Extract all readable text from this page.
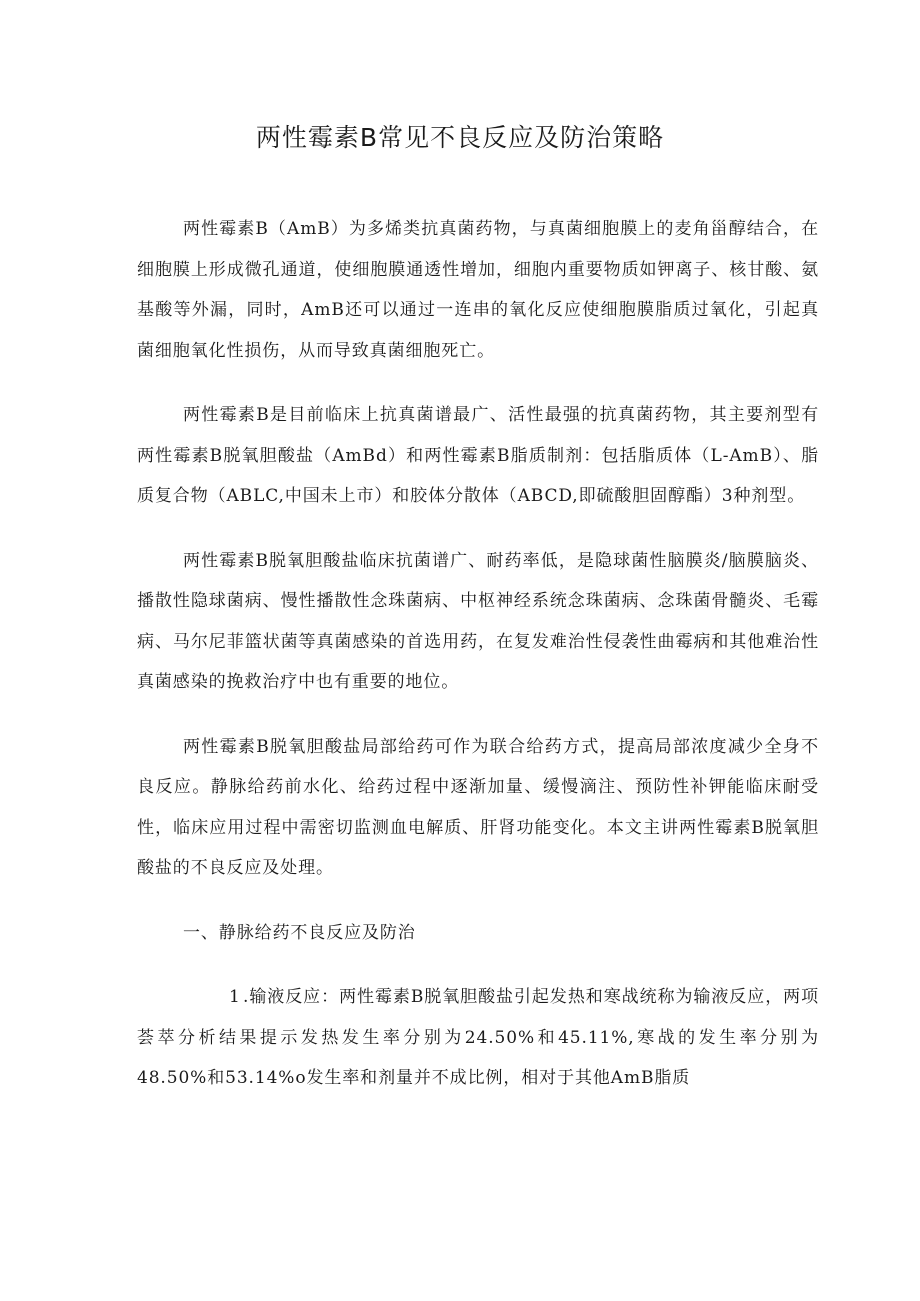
两性霉素B常见不良反应及防治策略

两性霉素B（AmB）为多烯类抗真菌药物，与真菌细胞膜上的麦角甾醇结合，在细胞膜上形成微孔通道，使细胞膜通透性增加，细胞内重要物质如钾离子、核甘酸、氨基酸等外漏，同时，AmB还可以通过一连串的氧化反应使细胞膜脂质过氧化，引起真菌细胞氧化性损伤，从而导致真菌细胞死亡。

两性霉素B是目前临床上抗真菌谱最广、活性最强的抗真菌药物，其主要剂型有两性霉素B脱氧胆酸盐（AmBd）和两性霉素B脂质制剂：包括脂质体（L-AmB）、脂质复合物（ABLC,中国未上市）和胶体分散体（ABCD,即硫酸胆固醇酯）3种剂型。

两性霉素B脱氧胆酸盐临床抗菌谱广、耐药率低，是隐球菌性脑膜炎/脑膜脑炎、播散性隐球菌病、慢性播散性念珠菌病、中枢神经系统念珠菌病、念珠菌骨髓炎、毛霉病、马尔尼菲篮状菌等真菌感染的首选用药，在复发难治性侵袭性曲霉病和其他难治性真菌感染的挽救治疗中也有重要的地位。

两性霉素B脱氧胆酸盐局部给药可作为联合给药方式，提高局部浓度减少全身不良反应。静脉给药前水化、给药过程中逐渐加量、缓慢滴注、预防性补钾能临床耐受性，临床应用过程中需密切监测血电解质、肝肾功能变化。本文主讲两性霉素B脱氧胆酸盐的不良反应及处理。

一、静脉给药不良反应及防治

1 .输液反应：两性霉素B脱氧胆酸盐引起发热和寒战统称为输液反应，两项荟萃分析结果提示发热发生率分别为24.50%和45.11%,寒战的发生率分别为48.50%和53.14%o发生率和剂量并不成比例，相对于其他AmB脂质
